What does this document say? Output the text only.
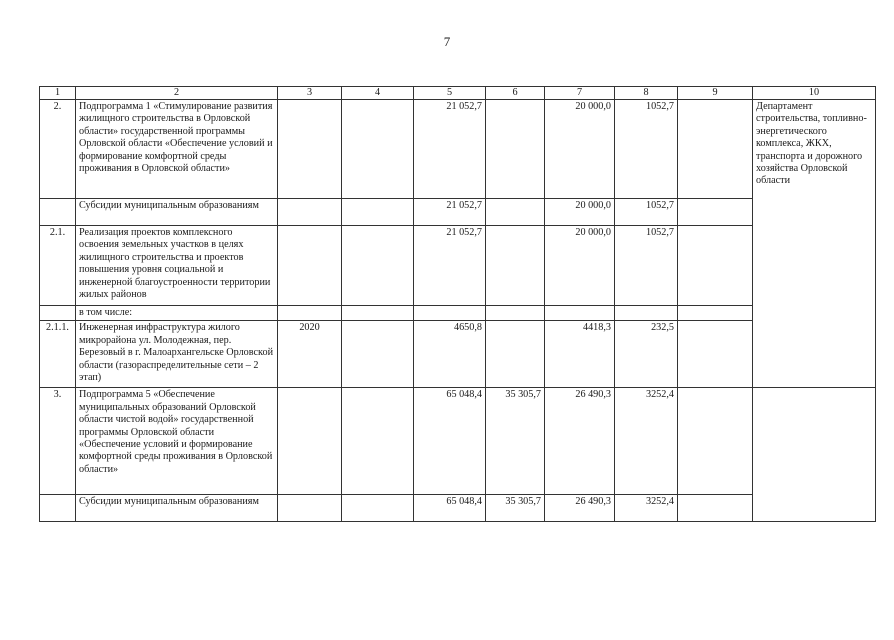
7
1	2	3	4	5	6	7	8	9	10
2.	Подпрограмма 1 «Стимулирование развития жилищного строительства в Орловской области» государственной программы Орловской области «Обеспечение условий и формирование комфортной среды проживания в Орловской области»			21 052,7		20 000,0	1052,7		Департамент строительства, топливно-энергетического комплекса, ЖКХ, транспорта и дорожного хозяйства Орловской области
	Субсидии муниципальным образованиям			21 052,7		20 000,0	1052,7		
2.1.	Реализация проектов комплексного освоения земельных участков в целях жилищного строительства и проектов повышения уровня социальной и инженерной благоустроенности территории жилых районов			21 052,7		20 000,0	1052,7		
	в том числе:								
2.1.1.	Инженерная инфраструктура жилого микрорайона ул. Молодежная, пер. Березовый в г. Малоархангельске Орловской области (газораспределительные сети – 2 этап)	2020		4650,8		4418,3	232,5		
3.	Подпрограмма 5 «Обеспечение муниципальных образований Орловской области чистой водой» государственной программы Орловской области «Обеспечение условий и формирование комфортной среды проживания в Орловской области»			65 048,4	35 305,7	26 490,3	3252,4		
	Субсидии муниципальным образованиям			65 048,4	35 305,7	26 490,3	3252,4		
